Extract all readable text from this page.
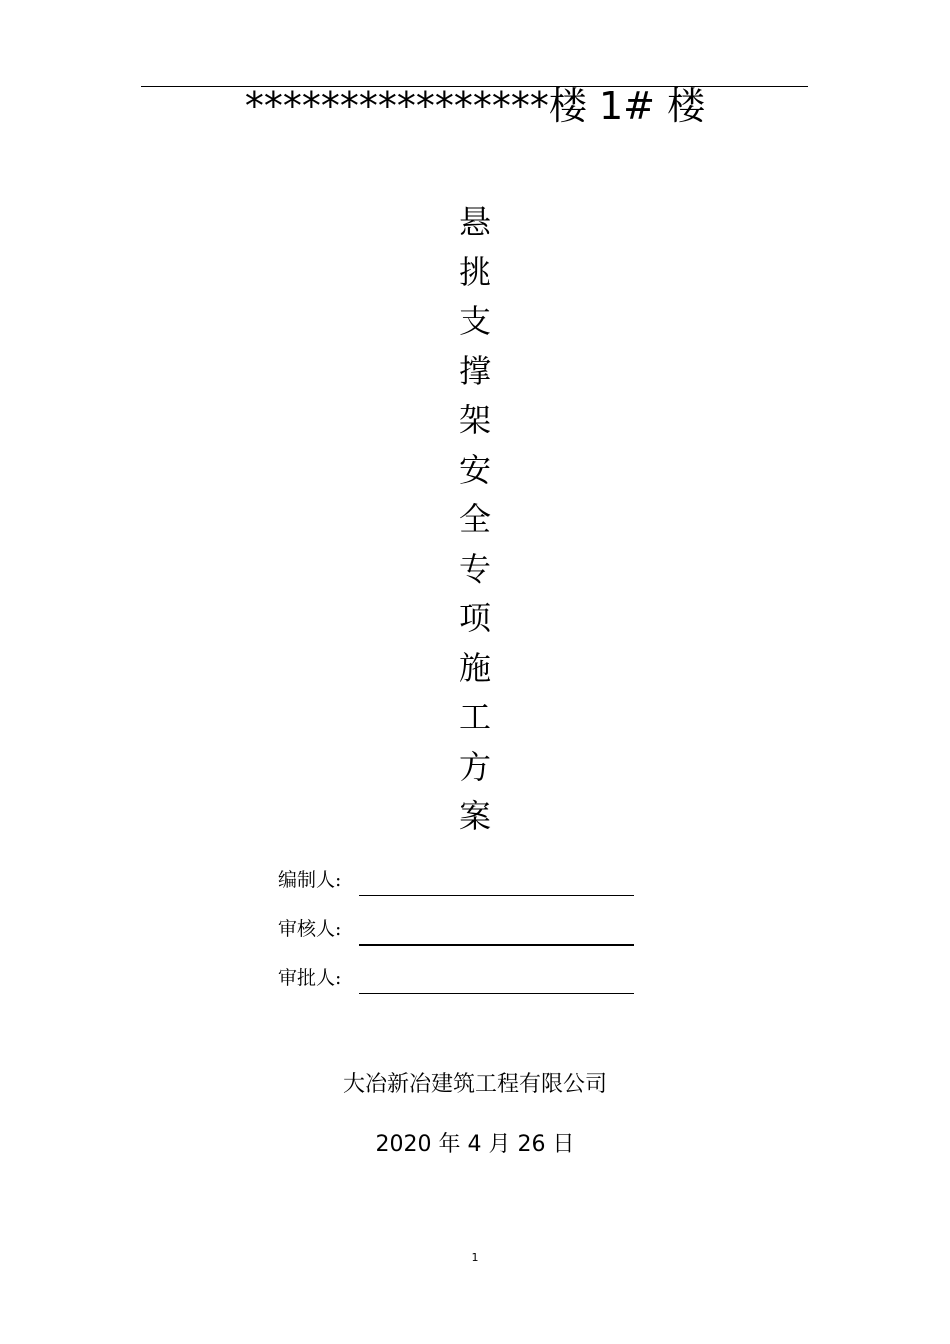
****************楼 1# 楼
悬
挑
支
撑
架
安
全
专
项
施
工
方
案
编制人:
审核人:
审批人:
大冶新冶建筑工程有限公司
2020 年 4 月 26 日
1
